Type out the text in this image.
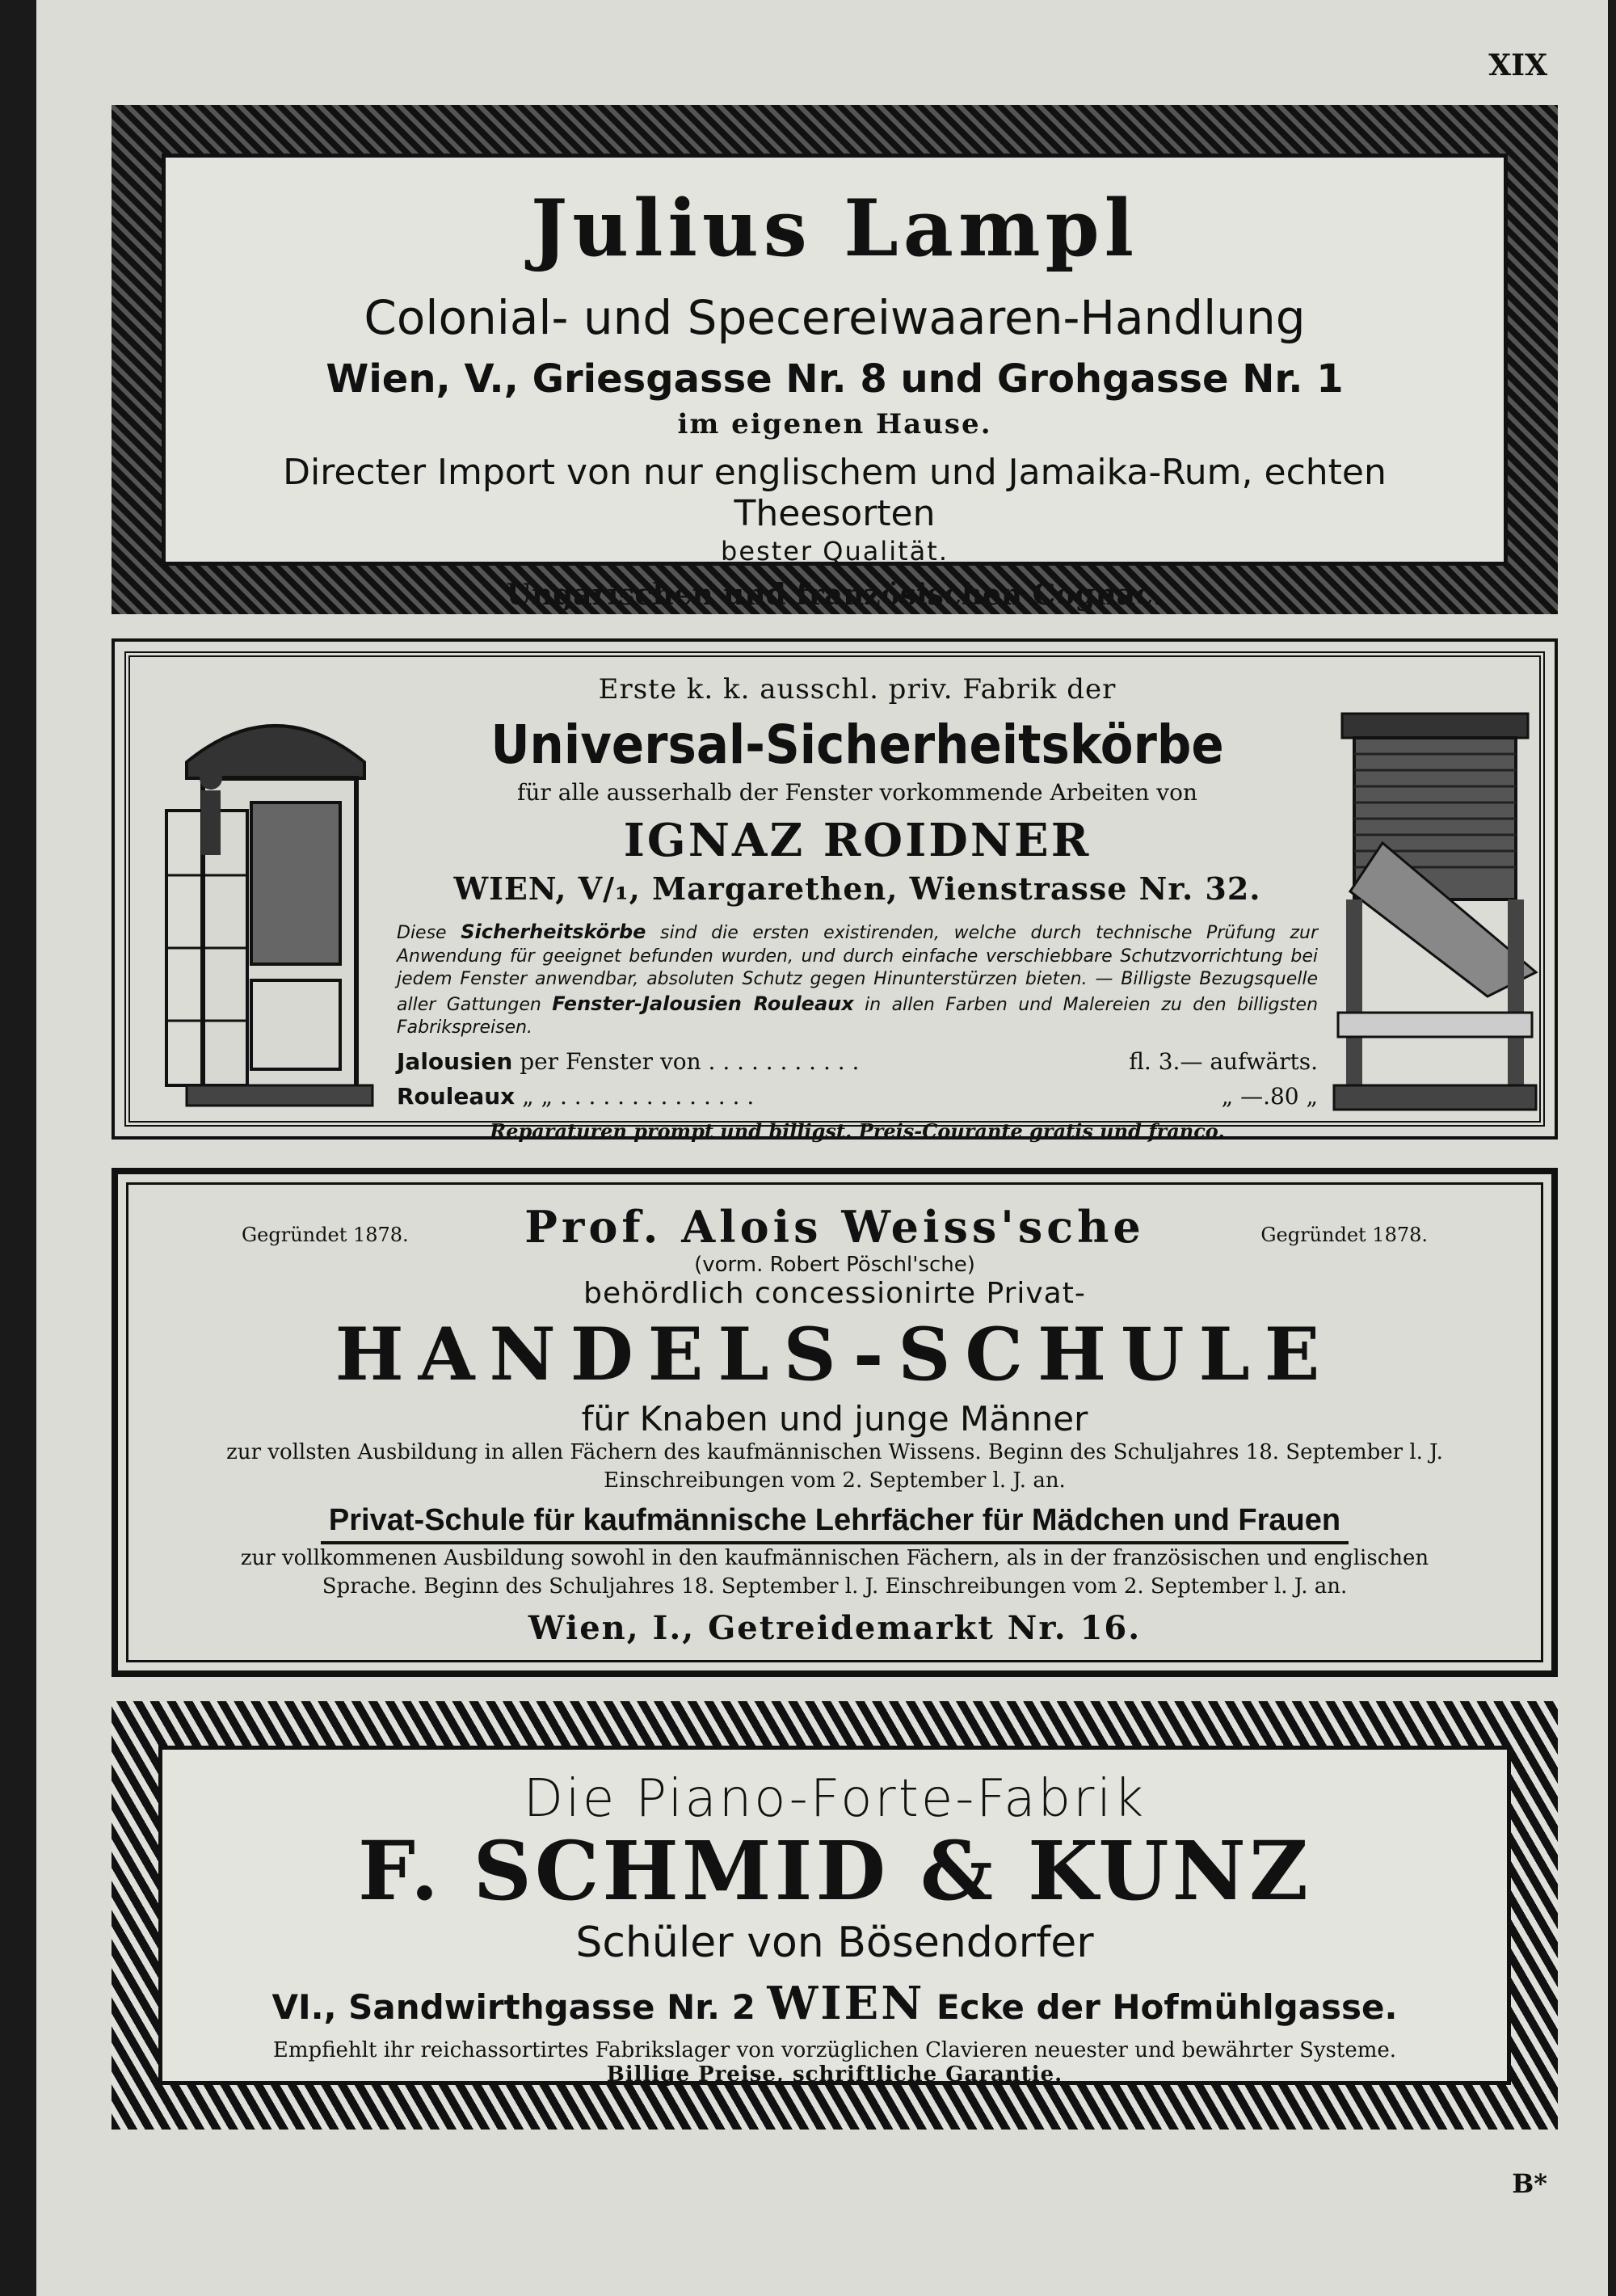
XIX
Julius Lampl
Colonial- und Specereiwaaren-Handlung
Wien, V., Griesgasse Nr. 8 und Grohgasse Nr. 1
im eigenen Hause.
Directer Import von nur englischem und Jamaika-Rum, echten Theesorten
bester Qualität.
Ungarischen und französischen Cognac.
Erste k. k. ausschl. priv. Fabrik der
Universal-Sicherheitskörbe
für alle ausserhalb der Fenster vorkommende Arbeiten von
IGNAZ ROIDNER
WIEN, V/₁, Margarethen, Wienstrasse Nr. 32.
Diese Sicherheitskörbe sind die ersten existirenden, welche durch technische Prüfung zur Anwendung für geeignet befunden wurden, und durch einfache verschiebbare Schutzvorrichtung bei jedem Fenster anwendbar, absoluten Schutz gegen Hinunterstürzen bieten. — Billigste Bezugsquelle aller Gattungen Fenster-Jalousien Rouleaux in allen Farben und Malereien zu den billigsten Fabrikspreisen.
Jalousien per Fenster von . . . . . . . . . . .	fl. 3.— aufwärts.
Rouleaux „ „ . . . . . . . . . . . . . .	„ —.80 „
Reparaturen prompt und billigst. Preis-Courante gratis und franco.
Gegründet 1878.	Gegründet 1878.
Prof. Alois Weiss'sche
(vorm. Robert Pöschl'sche)
behördlich concessionirte Privat-
HANDELS-SCHULE
für Knaben und junge Männer
zur vollsten Ausbildung in allen Fächern des kaufmännischen Wissens. Beginn des Schuljahres 18. September l. J.
Einschreibungen vom 2. September l. J. an.
Privat-Schule für kaufmännische Lehrfächer für Mädchen und Frauen
zur vollkommenen Ausbildung sowohl in den kaufmännischen Fächern, als in der französischen und englischen
Sprache. Beginn des Schuljahres 18. September l. J. Einschreibungen vom 2. September l. J. an.
Wien, I., Getreidemarkt Nr. 16.
Die Piano-Forte-Fabrik
F. SCHMID & KUNZ
Schüler von Bösendorfer
VI., Sandwirthgasse Nr. 2 WIEN Ecke der Hofmühlgasse.
Empfiehlt ihr reichassortirtes Fabrikslager von vorzüglichen Clavieren neuester und bewährter Systeme.
Billige Preise, schriftliche Garantie.
B*
